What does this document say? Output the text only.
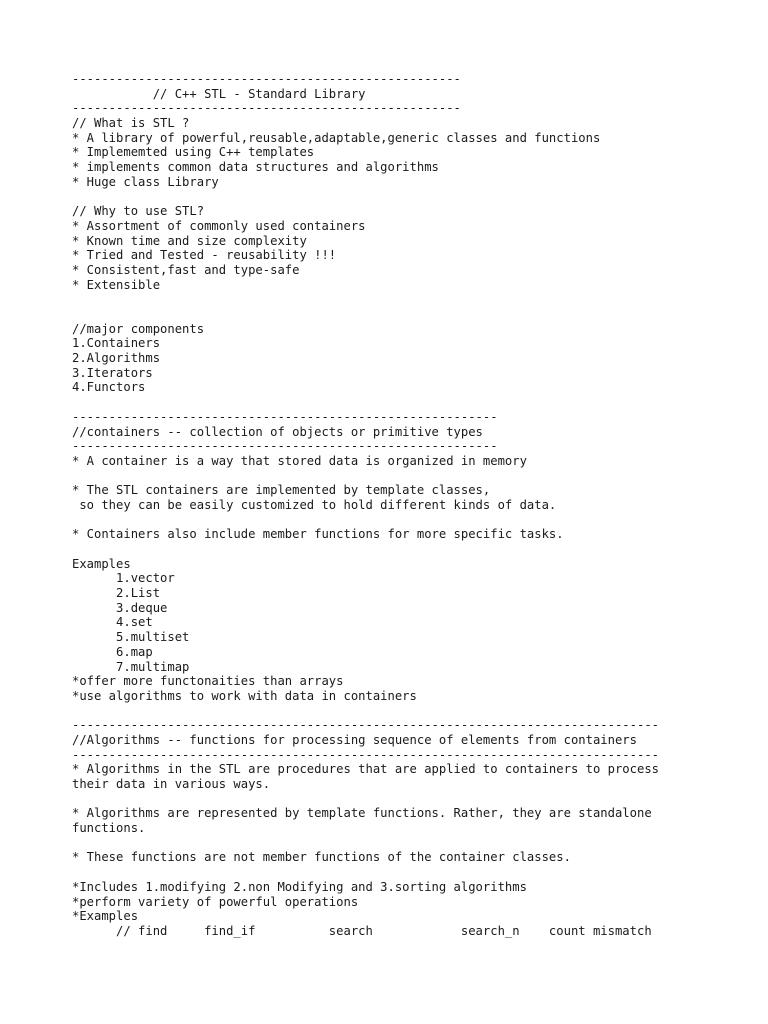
-----------------------------------------------------
// C++ STL - Standard Library
-----------------------------------------------------
// What is STL ?
* A library of powerful,reusable,adaptable,generic classes and functions
* Implememted using C++ templates
* implements common data structures and algorithms
* Huge class Library
// Why to use STL?
* Assortment of commonly used containers
* Known time and size complexity
* Tried and Tested - reusability !!!
* Consistent,fast and type-safe
* Extensible
//major components
1.Containers
2.Algorithms
3.Iterators
4.Functors
----------------------------------------------------------
//containers -- collection of objects or primitive types
----------------------------------------------------------
* A container is a way that stored data is organized in memory
* The STL containers are implemented by template classes,
so they can be easily customized to hold different kinds of data.
* Containers also include member functions for more specific tasks.
Examples
1.vector
2.List
3.deque
4.set
5.multiset
6.map
7.multimap
*offer more functonaities than arrays
*use algorithms to work with data in containers
--------------------------------------------------------------------------------
//Algorithms -- functions for processing sequence of elements from containers
--------------------------------------------------------------------------------
* Algorithms in the STL are procedures that are applied to containers to process
their data in various ways.
* Algorithms are represented by template functions. Rather, they are standalone
functions.
* These functions are not member functions of the container classes.
*Includes 1.modifying 2.non Modifying and 3.sorting algorithms
*perform variety of powerful operations
*Examples
// find     find_if          search            search_n    count mismatch
